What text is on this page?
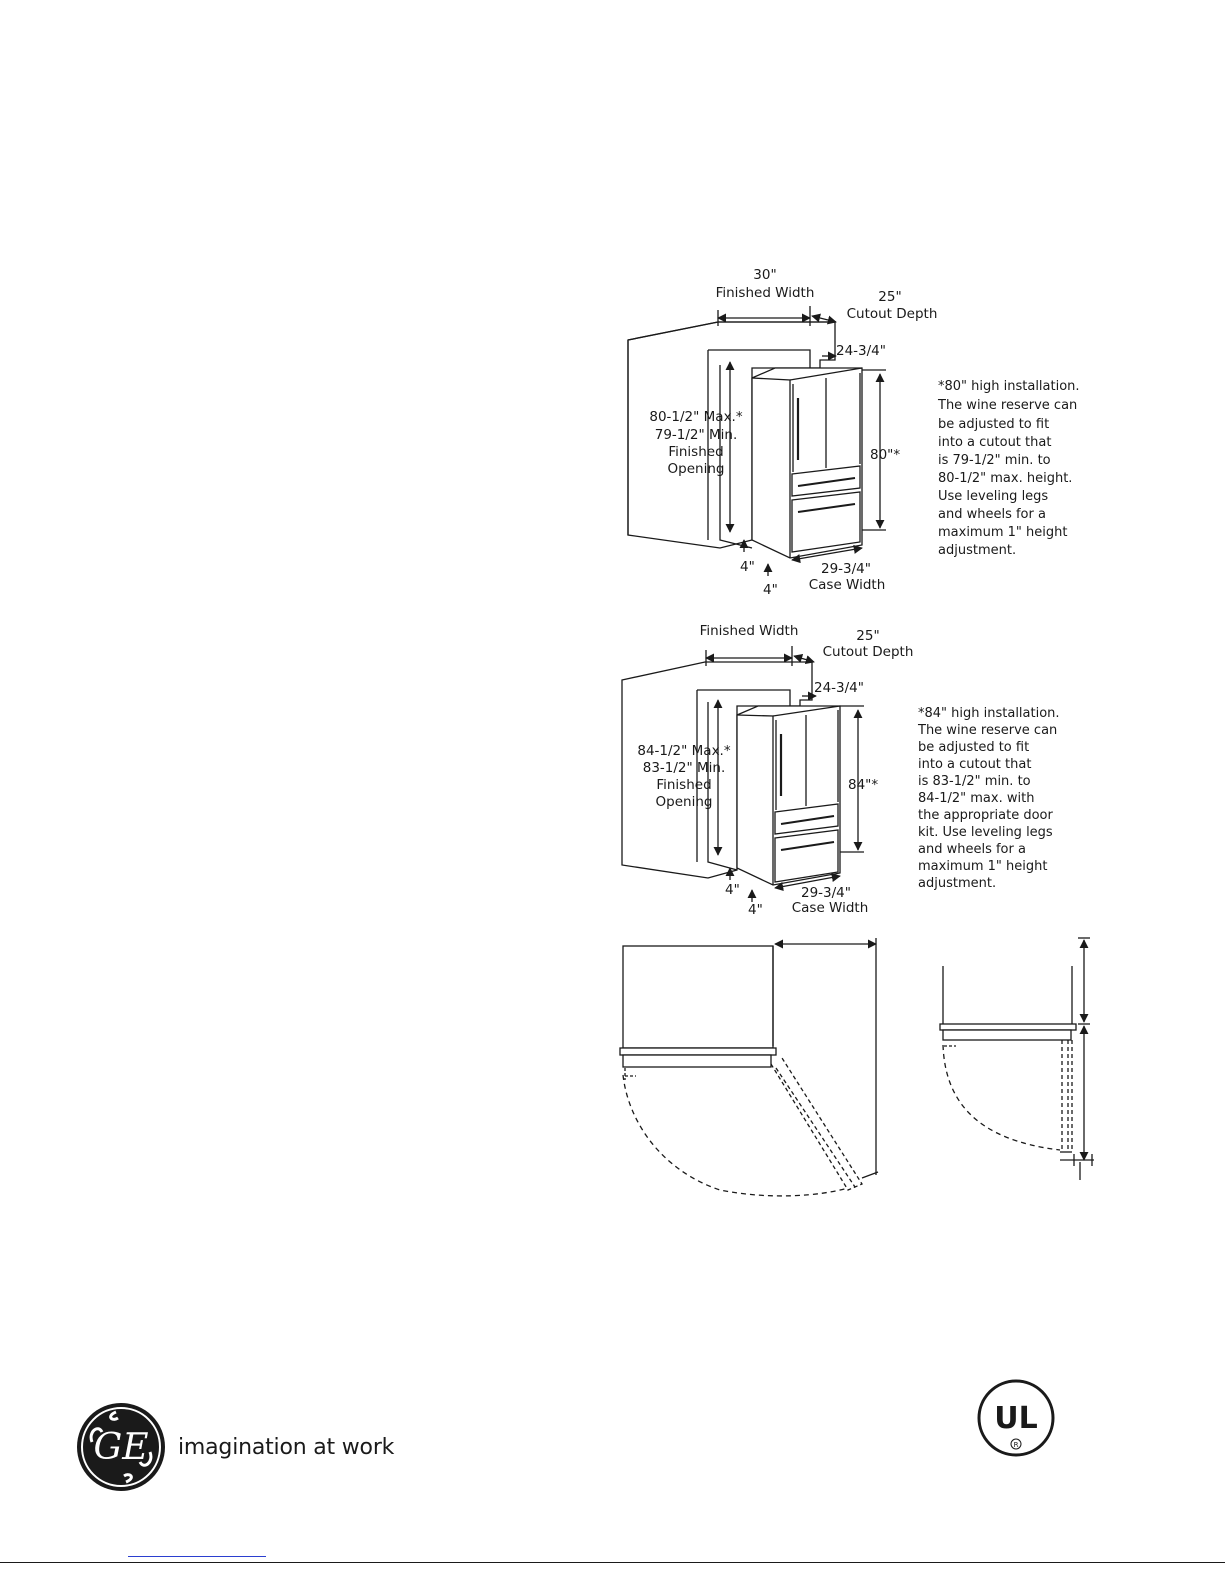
30"
Finished Width	25"
Cutout Depth
24-3/4"
80-1/2" Max.*
79-1/2" Min.
Finished
Opening
80"*
4"
4"
29-3/4"
Case Width
*80" high installation.
The wine reserve can
be adjusted to fit
into a cutout that
is 79-1/2" min. to
80-1/2" max. height.
Use leveling legs
and wheels for a
maximum 1" height
adjustment.
Finished Width	25"
Cutout Depth
24-3/4"
84-1/2" Max.*
83-1/2" Min.
Finished
Opening
84"*
4"
4"
29-3/4"
Case Width
*84" high installation.
The wine reserve can
be adjusted to fit
into a cutout that
is 83-1/2" min. to
84-1/2" max. with
the appropriate door
kit. Use leveling legs
and wheels for a
maximum 1" height
adjustment.
GE imagination at work
UL
R
